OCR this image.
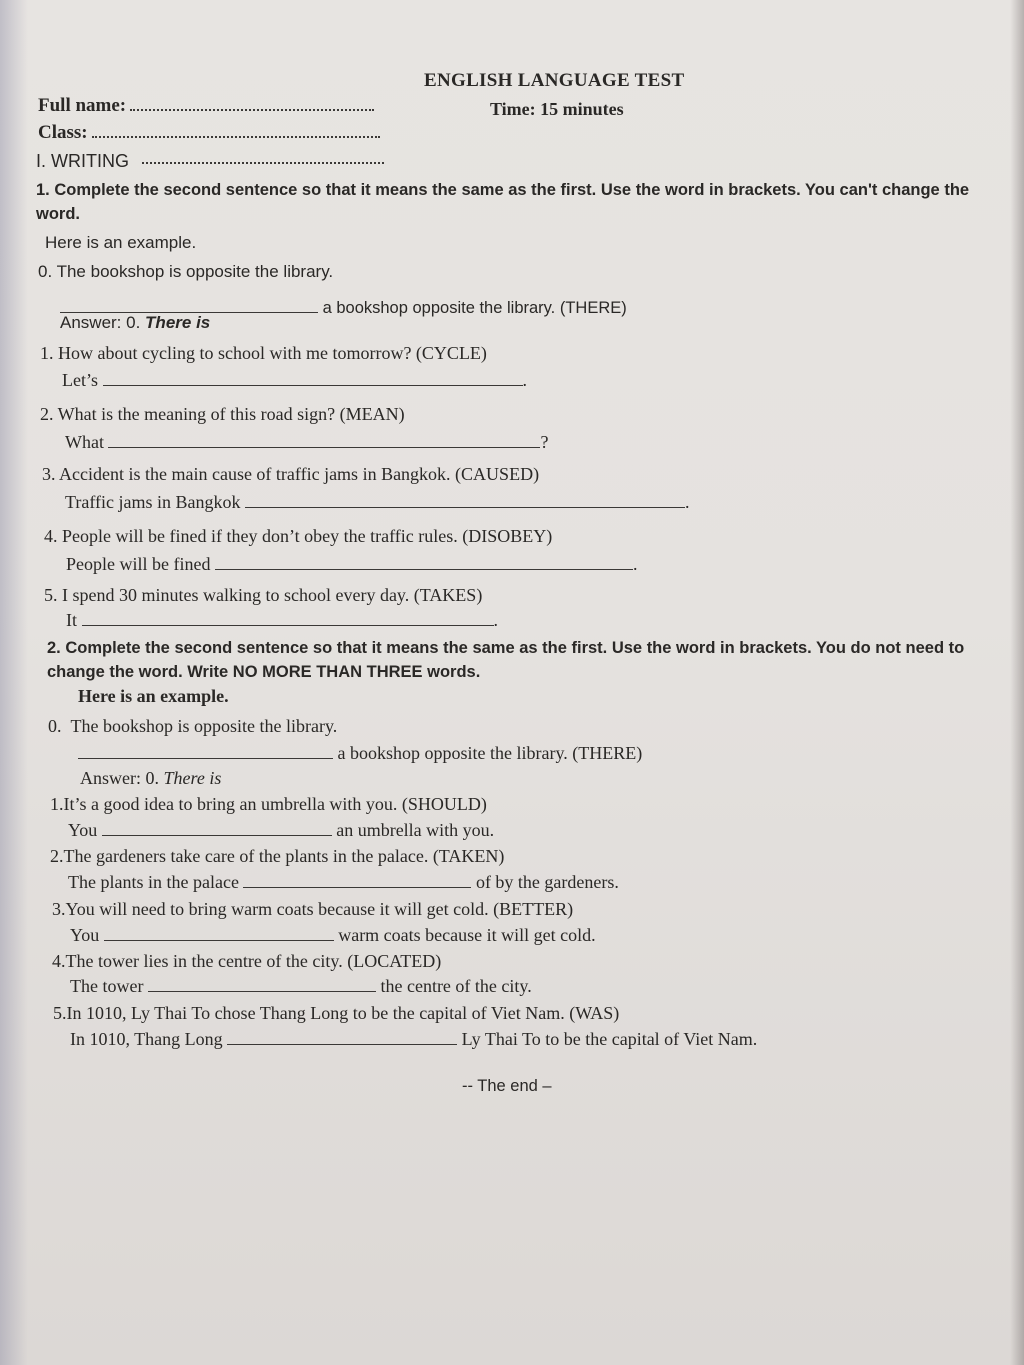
ENGLISH LANGUAGE TEST
Time: 15 minutes
Full name:
Class:
I. WRITING
1. Complete the second sentence so that it means the same as the first. Use the word in brackets. You can't change the word.
Here is an example.
0. The bookshop is opposite the library.
a bookshop opposite the library. (THERE)
Answer: 0. There is
1. How about cycling to school with me tomorrow? (CYCLE)
Let’s	.
2. What is the meaning of this road sign? (MEAN)
What	?
3. Accident is the main cause of traffic jams in Bangkok. (CAUSED)
Traffic jams in Bangkok	.
4. People will be fined if they don’t obey the traffic rules. (DISOBEY)
People will be fined	.
5. I spend 30 minutes walking to school every day. (TAKES)
It	.
2. Complete the second sentence so that it means the same as the first. Use the word in brackets. You do not need to change the word. Write NO MORE THAN THREE words.
Here is an example.
0. The bookshop is opposite the library.
a bookshop opposite the library. (THERE)
Answer: 0. There is
1.It’s a good idea to bring an umbrella with you. (SHOULD)
You	an umbrella with you.
2.The gardeners take care of the plants in the palace. (TAKEN)
The plants in the palace	of by the gardeners.
3.You will need to bring warm coats because it will get cold. (BETTER)
You	warm coats because it will get cold.
4.The tower lies in the centre of the city. (LOCATED)
The tower	the centre of the city.
5.In 1010, Ly Thai To chose Thang Long to be the capital of Viet Nam. (WAS)
In 1010, Thang Long	Ly Thai To to be the capital of Viet Nam.
-- The end –
